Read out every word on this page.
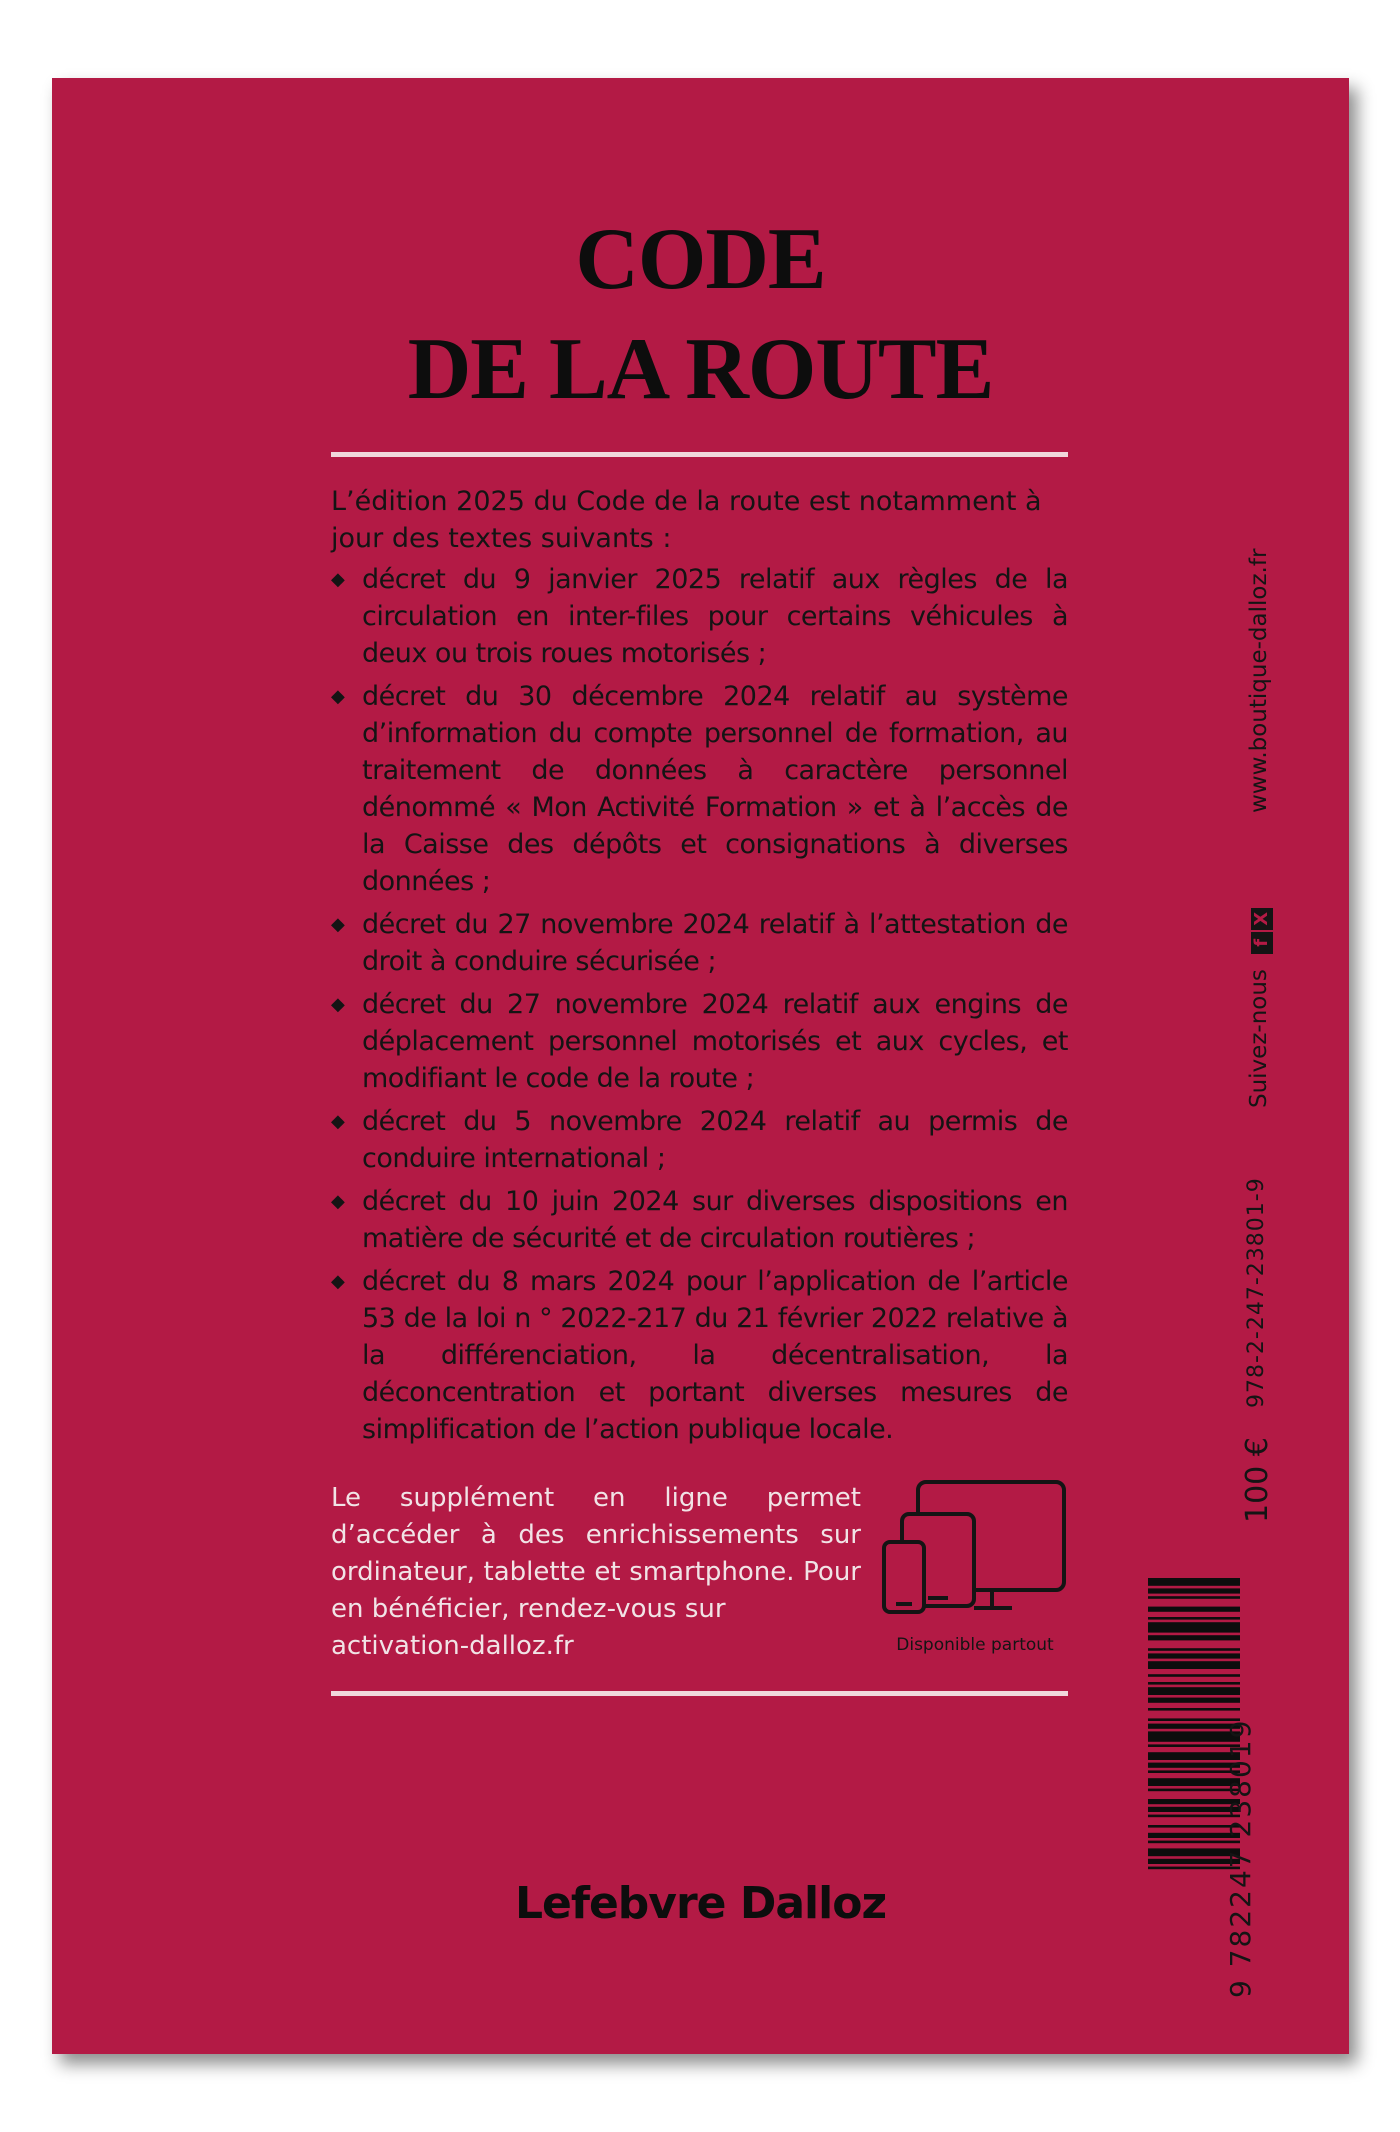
CODE
DE LA ROUTE

L’édition 2025 du Code de la route est notamment à jour des textes suivants :

◆ décret du 9 janvier 2025 relatif aux règles de la circulation en inter-files pour certains véhicules à deux ou trois roues motorisés ;
◆ décret du 30 décembre 2024 relatif au système d’information du compte personnel de formation, au traitement de données à caractère personnel dénommé « Mon Activité Formation » et à l’accès de la Caisse des dépôts et consignations à diverses données ;
◆ décret du 27 novembre 2024 relatif à l’attestation de droit à conduire sécurisée ;
◆ décret du 27 novembre 2024 relatif aux engins de déplacement personnel motorisés et aux cycles, et modifiant le code de la route ;
◆ décret du 5 novembre 2024 relatif au permis de conduire international ;
◆ décret du 10 juin 2024 sur diverses dispositions en matière de sécurité et de circulation routières ;
◆ décret du 8 mars 2024 pour l’application de l’article 53 de la loi n ° 2022-217 du 21 février 2022 relative à la différenciation, la décentralisation, la déconcentration et portant diverses mesures de simplification de l’action publique locale.
Le supplément en ligne permet d’accéder à des enrichissements sur ordinateur, tablette et smartphone. Pour en bénéficier, rendez-vous sur
activation-dalloz.fr	Disponible partout
Lefebvre Dalloz
www.boutique-dalloz.fr
Suivez-nous fX
978-2-247-23801-9
100 €
9 782247 238019
